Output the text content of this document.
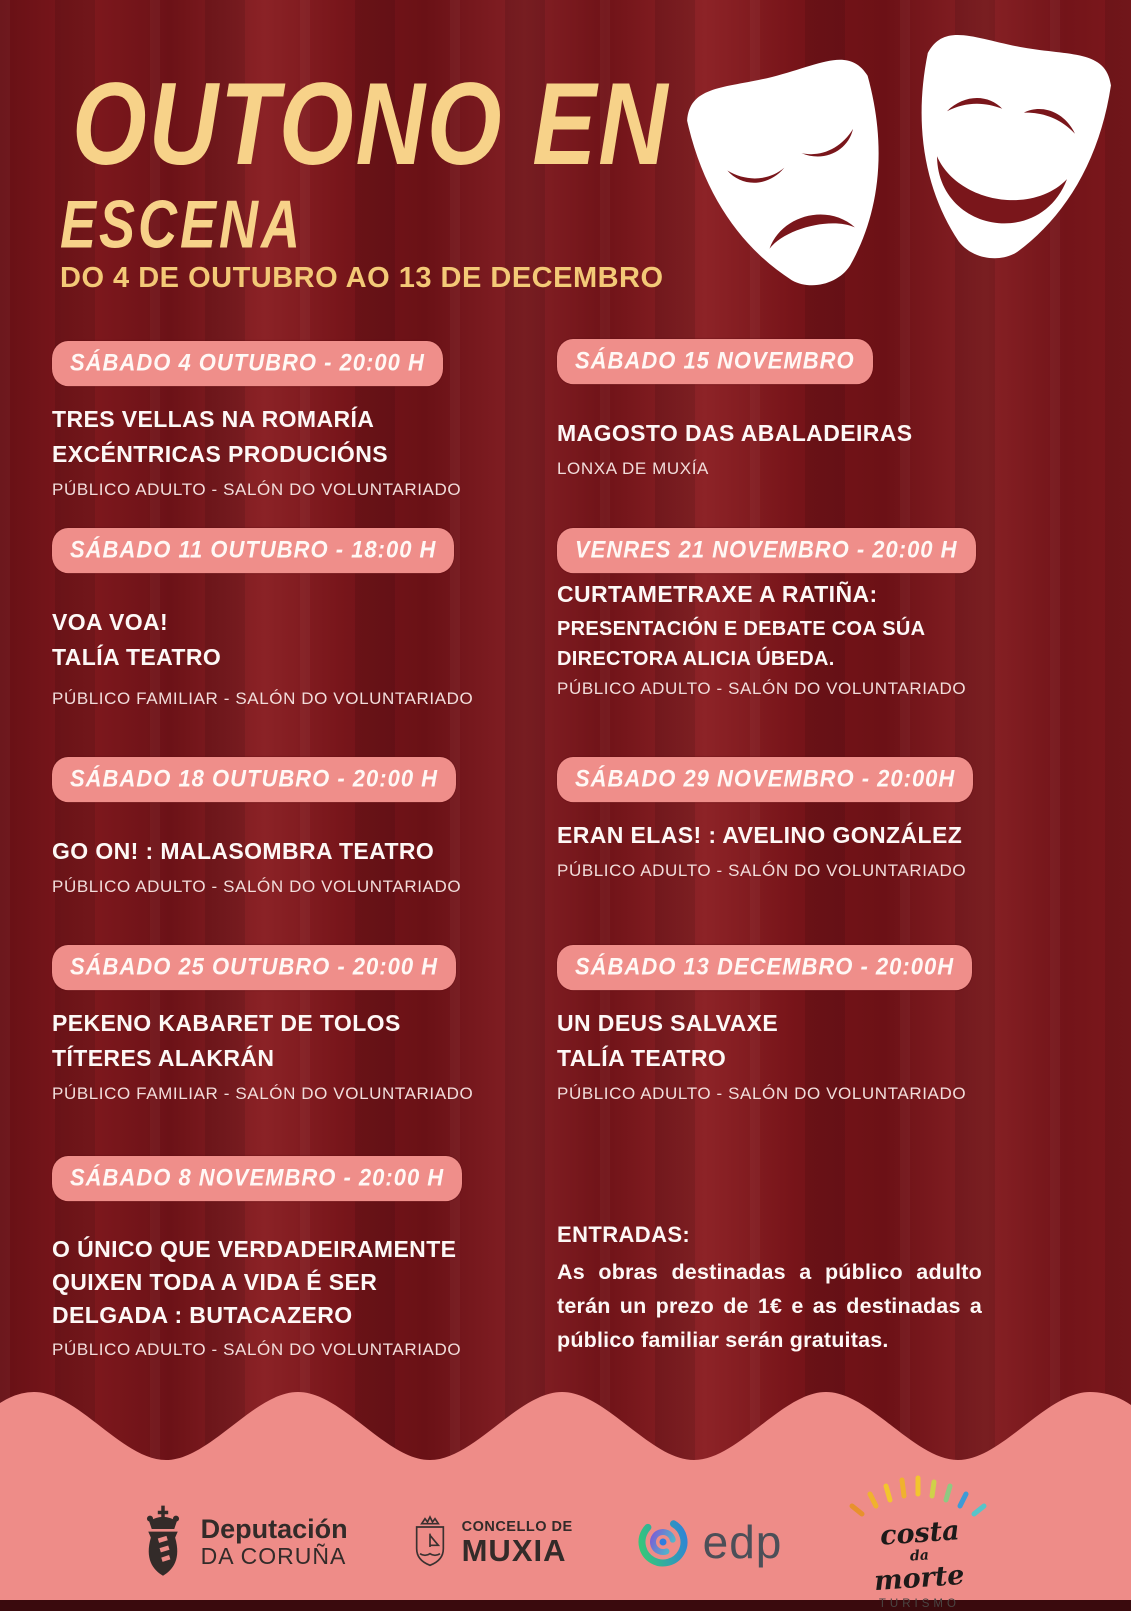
OUTONO EN
ESCENA
DO 4 DE OUTUBRO AO 13 DE DECEMBRO
SÁBADO 4 OUTUBRO - 20:00 H
TRES VELLAS NA ROMARÍA
EXCÉNTRICAS PRODUCIÓNS

PÚBLICO ADULTO - SALÓN DO VOLUNTARIADO

SÁBADO 11 OUTUBRO - 18:00 H
VOA VOA!
TALÍA TEATRO

PÚBLICO FAMILIAR - SALÓN DO VOLUNTARIADO

SÁBADO 18 OUTUBRO - 20:00 H
GO ON! : MALASOMBRA TEATRO

PÚBLICO ADULTO - SALÓN DO VOLUNTARIADO

SÁBADO 25 OUTUBRO - 20:00 H
PEKENO KABARET DE TOLOS
TÍTERES ALAKRÁN

PÚBLICO FAMILIAR - SALÓN DO VOLUNTARIADO

SÁBADO 8 NOVEMBRO - 20:00 H
O ÚNICO QUE VERDADEIRAMENTE
QUIXEN TODA A VIDA É SER
DELGADA : BUTACAZERO

PÚBLICO ADULTO - SALÓN DO VOLUNTARIADO

SÁBADO 15 NOVEMBRO
MAGOSTO DAS ABALADEIRAS

LONXA DE MUXÍA

VENRES 21 NOVEMBRO - 20:00 H
CURTAMETRAXE A RATIÑA:
PRESENTACIÓN E DEBATE COA SÚA
DIRECTORA ALICIA ÚBEDA.

PÚBLICO ADULTO - SALÓN DO VOLUNTARIADO

SÁBADO 29 NOVEMBRO - 20:00H
ERAN ELAS! : AVELINO GONZÁLEZ

PÚBLICO ADULTO - SALÓN DO VOLUNTARIADO

SÁBADO 13 DECEMBRO - 20:00H
UN DEUS SALVAXE
TALÍA TEATRO

PÚBLICO ADULTO - SALÓN DO VOLUNTARIADO

ENTRADAS:

As obras destinadas a público adulto terán un prezo de 1€ e as destinadas a público familiar serán gratuitas.

Deputación
DA CORUÑA
CONCELLO DE
MUXIA	edp	costa
da
morte
TURISMO
